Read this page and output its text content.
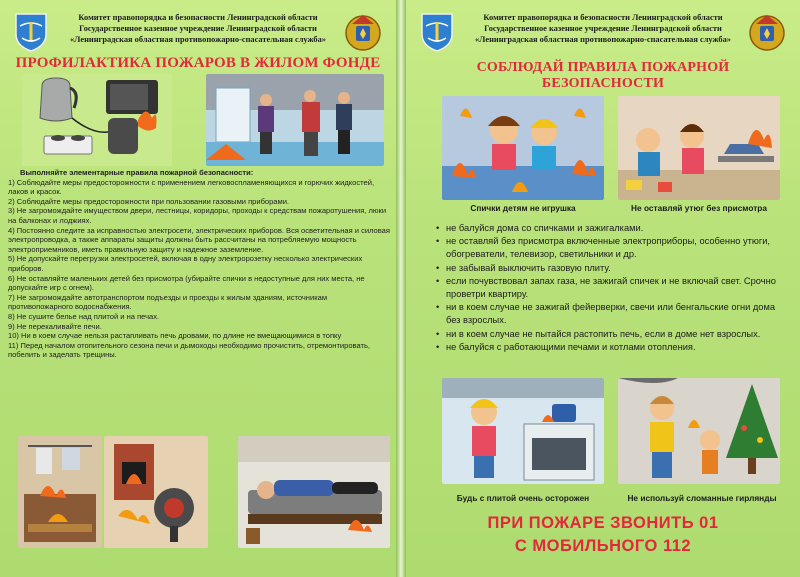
Комитет правопорядка и безопасности Ленинградской области
Государственное казенное учреждение Ленинградской области
«Ленинградская областная противопожарно-спасательная служба»
ПРОФИЛАКТИКА ПОЖАРОВ В ЖИЛОМ ФОНДЕ

Выполняйте элементарные правила пожарной безопасности:

1) Соблюдайте меры предосторожности с применением легковоспламеняющихся и горючих жидкостей, лаков и красок.

2) Соблюдайте меры предосторожности при пользовании газовыми приборами.

3) Не загромождайте имуществом двери, лестницы, коридоры, проходы к средствам пожаротушения, люки на балконах и лоджиях.

4) Постоянно следите за исправностью электросети, электрических приборов. Вся осветительная и силовая электропроводка, а также аппараты защиты должны быть рассчитаны на потребляемую мощность электроприемников, иметь правильную защиту и надежное заземление.

5) Не допускайте перегрузки электросетей, включая в одну электророзетку несколько электрических приборов.

6) Не оставляйте маленьких детей без присмотра (убирайте спички в недоступные для них места, не допускайте игр с огнем).

7) Не загромождайте автотранспортом подъезды и проезды к жилым зданиям, источникам противопожарного водоснабжения.

8) Не сушите белье над плитой и на печах.

9) Не перекаливайте печи.

10) Ни в коем случае нельзя растапливать печь дровами, по длине не вмещающимися в топку

11) Перед началом отопительного сезона печи и дымоходы необходимо прочистить, отремонтировать, побелить и заделать трещины.

Комитет правопорядка и безопасности Ленинградской области
Государственное казенное учреждение Ленинградской области
«Ленинградская областная противопожарно-спасательная служба»
СОБЛЮДАЙ ПРАВИЛА ПОЖАРНОЙ БЕЗОПАСНОСТИ
Спички детям не игрушка	Не оставляй утюг без присмотра
• не балуйся дома со спичками и зажигалками.
• не оставляй без присмотра включенные электроприборы, особенно утюги, обогреватели, телевизор, светильники и др.
• не забывай выключить газовую плиту.
• если почувствовал запах газа, не зажигай спичек и не включай свет. Срочно проветри квартиру.
• ни в коем случае не зажигай фейерверки, свечи или бенгальские огни дома без взрослых.
• ни в коем случае не пытайся растопить печь, если в доме нет взрослых.
• не балуйся с работающими печами и котлами отопления.
Будь с плитой очень осторожен	Не используй сломанные гирлянды
ПРИ ПОЖАРЕ ЗВОНИТЬ 01
С МОБИЛЬНОГО 112
